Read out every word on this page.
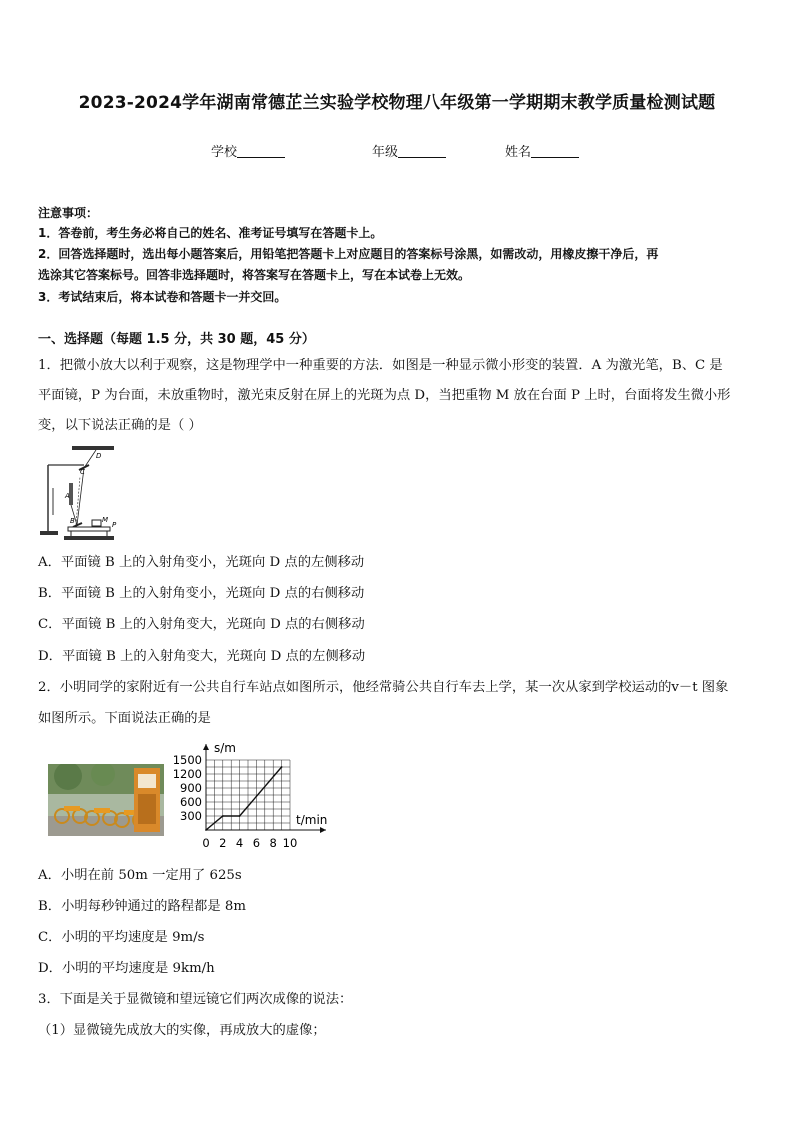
2023-2024学年湖南常德芷兰实验学校物理八年级第一学期期末教学质量检测试题
学校	年级	姓名
注意事项：
1．答卷前，考生务必将自己的姓名、准考证号填写在答题卡上。
2．回答选择题时，选出每小题答案后，用铅笔把答题卡上对应题目的答案标号涂黑，如需改动，用橡皮擦干净后，再
选涂其它答案标号。回答非选择题时，将答案写在答题卡上，写在本试卷上无效。
3．考试结束后，将本试卷和答题卡一并交回。
一、选择题（每题 1.5 分，共 30 题，45 分）
1．把微小放大以利于观察，这是物理学中一种重要的方法．如图是一种显示微小形变的装置．A 为激光笔，B、C 是
平面镜，P 为台面，未放重物时，激光束反射在屏上的光斑为点 D，当把重物 M 放在台面 P 上时，台面将发生微小形
变，以下说法正确的是（ ）
D
C
A
B	M
P
A．平面镜 B 上的入射角变小，光斑向 D 点的左侧移动
B．平面镜 B 上的入射角变小，光斑向 D 点的右侧移动
C．平面镜 B 上的入射角变大，光斑向 D 点的右侧移动
D．平面镜 B 上的入射角变大，光斑向 D 点的左侧移动
2．小明同学的家附近有一公共自行车站点如图所示，他经常骑公共自行车去上学，某一次从家到学校运动的v－t 图象
如图所示。下面说法正确的是
0 2 4 6 8 10
300
600
900
1200
1500
s/m
t/min
A．小明在前 50m 一定用了 625s
B．小明每秒钟通过的路程都是 8m
C．小明的平均速度是 9m/s
D．小明的平均速度是 9km/h
3．下面是关于显微镜和望远镜它们两次成像的说法：
（1）显微镜先成放大的实像，再成放大的虚像；
